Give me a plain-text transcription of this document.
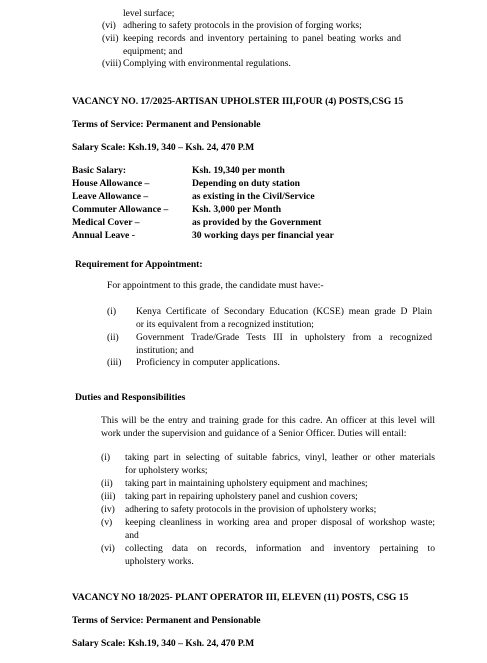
level surface;
(vi) adhering to safety protocols in the provision of forging works;
(vii) keeping records and inventory pertaining to panel beating works and
equipment; and
(viii) Complying with environmental regulations.
VACANCY NO. 17/2025-ARTISAN UPHOLSTER III,FOUR (4) POSTS,CSG 15
Terms of Service: Permanent and Pensionable
Salary Scale: Ksh.19, 340 – Ksh. 24, 470 P.M
Basic Salary:	Ksh. 19,340 per month
House Allowance –	Depending on duty station
Leave Allowance –	as existing in the Civil/Service
Commuter Allowance – Ksh. 3,000 per Month
Medical Cover –	as provided by the Government
Annual Leave -	30 working days per financial year
Requirement for Appointment:
For appointment to this grade, the candidate must have:-
(i) Kenya Certificate of Secondary Education (KCSE) mean grade D Plain
or its equivalent from a recognized institution;
(ii) Government Trade/Grade Tests III in upholstery from a recognized
institution; and
(iii) Proficiency in computer applications.
Duties and Responsibilities
This will be the entry and training grade for this cadre. An officer at this level will
work under the supervision and guidance of a Senior Officer. Duties will entail:
(i) taking part in selecting of suitable fabrics, vinyl, leather or other materials
for upholstery works;
(ii) taking part in maintaining upholstery equipment and machines;
(iii) taking part in repairing upholstery panel and cushion covers;
(iv) adhering to safety protocols in the provision of upholstery works;
(v) keeping cleanliness in working area and proper disposal of workshop waste;
and
(vi) collecting data on records, information and inventory pertaining to
upholstery works.
VACANCY NO 18/2025- PLANT OPERATOR III, ELEVEN (11) POSTS, CSG 15
Terms of Service: Permanent and Pensionable
Salary Scale: Ksh.19, 340 – Ksh. 24, 470 P.M
